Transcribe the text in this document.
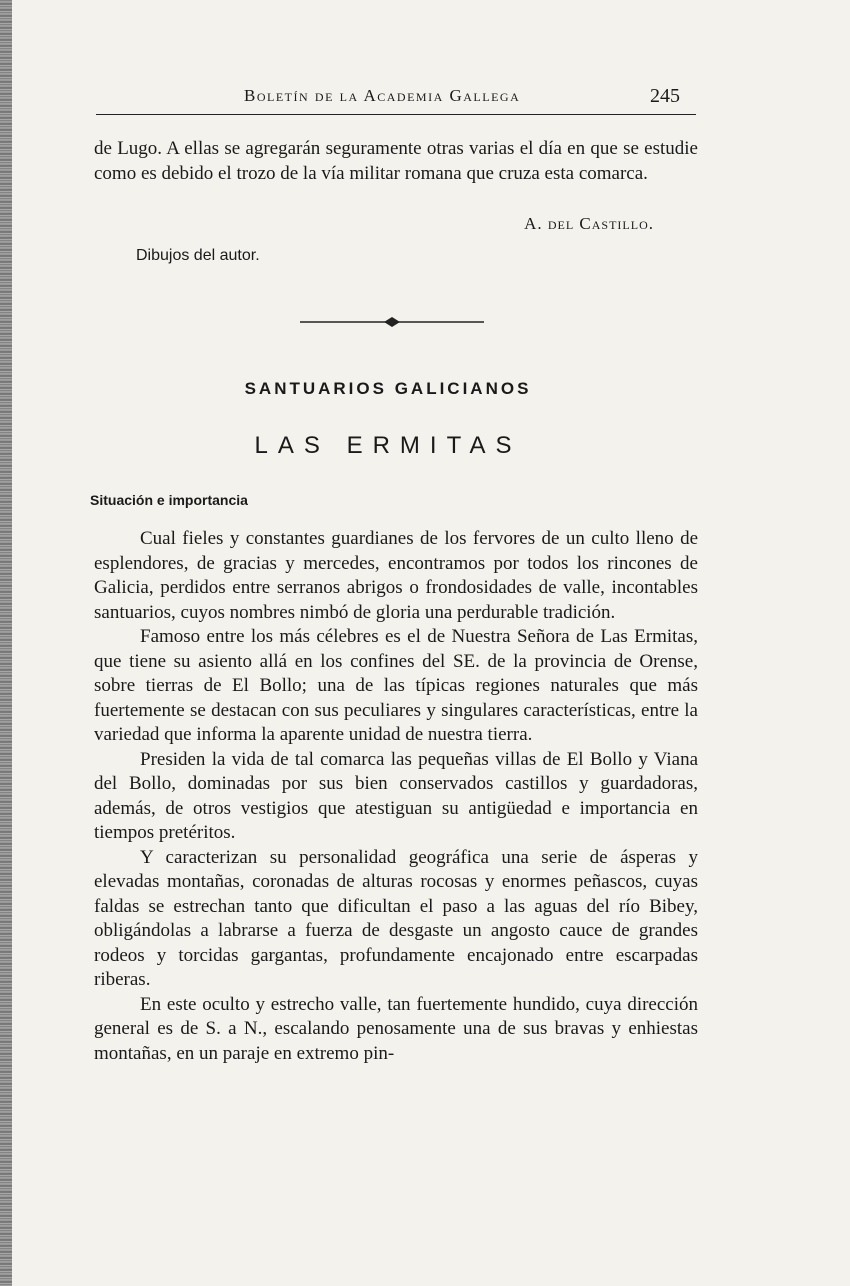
Boletín de la Academia Gallega	245

de Lugo. A ellas se agregarán seguramente otras varias el día en que se estudie como es debido el trozo de la vía militar romana que cruza esta comarca.

A. del Castillo.
Dibujos del autor.
SANTUARIOS GALICIANOS
LAS ERMITAS
Situación e importancia

Cual fieles y constantes guardianes de los fervores de un culto lleno de esplendores, de gracias y mercedes, encontramos por todos los rincones de Galicia, perdidos entre serranos abrigos o frondosidades de valle, incontables santuarios, cuyos nombres nimbó de gloria una perdurable tradición.

Famoso entre los más célebres es el de Nuestra Señora de Las Ermitas, que tiene su asiento allá en los confines del SE. de la provincia de Orense, sobre tierras de El Bollo; una de las típicas regiones naturales que más fuertemente se destacan con sus peculiares y singulares características, entre la variedad que informa la aparente unidad de nuestra tierra.

Presiden la vida de tal comarca las pequeñas villas de El Bollo y Viana del Bollo, dominadas por sus bien conservados castillos y guardadoras, además, de otros vestigios que atestiguan su antigüedad e importancia en tiempos pretéritos.

Y caracterizan su personalidad geográfica una serie de ásperas y elevadas montañas, coronadas de alturas rocosas y enormes peñascos, cuyas faldas se estrechan tanto que dificultan el paso a las aguas del río Bibey, obligándolas a labrarse a fuerza de desgaste un angosto cauce de grandes rodeos y torcidas gargantas, profundamente encajonado entre escarpadas riberas.

En este oculto y estrecho valle, tan fuertemente hundido, cuya dirección general es de S. a N., escalando penosamente una de sus bravas y enhiestas montañas, en un paraje en extremo pin-
